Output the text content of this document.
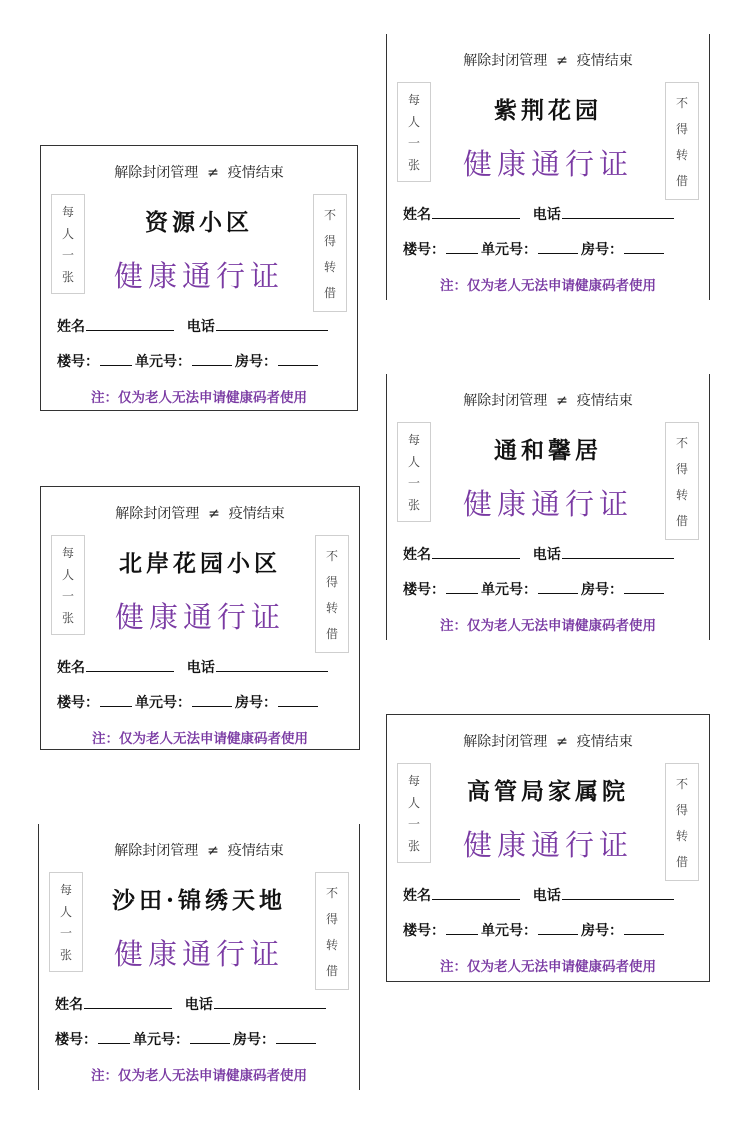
解除封闭管理  ≠  疫情结束
每
人
一
张
不
得
转
借
紫荆花园
健康通行证
姓名	电话
楼号：	单元号：	房号：
注：仅为老人无法申请健康码者使用
解除封闭管理  ≠  疫情结束
每
人
一
张
不
得
转
借
资源小区
健康通行证
姓名	电话
楼号：	单元号：	房号：
注：仅为老人无法申请健康码者使用	解除封闭管理  ≠  疫情结束
每
人
一
张
不
得
转
借
通和馨居
健康通行证
姓名	电话
楼号：	单元号：	房号：
注：仅为老人无法申请健康码者使用
解除封闭管理  ≠  疫情结束
每
人
一
张
不
得
转
借
北岸花园小区
健康通行证
姓名	电话
楼号：	单元号：	房号：
注：仅为老人无法申请健康码者使用	解除封闭管理  ≠  疫情结束
每
人
一
张
不
得
转
借
高管局家属院
健康通行证
姓名	电话
楼号：	单元号：	房号：
注：仅为老人无法申请健康码者使用
解除封闭管理  ≠  疫情结束
每
人
一
张
不
得
转
借
沙田·锦绣天地
健康通行证
姓名	电话
楼号：	单元号：	房号：
注：仅为老人无法申请健康码者使用
